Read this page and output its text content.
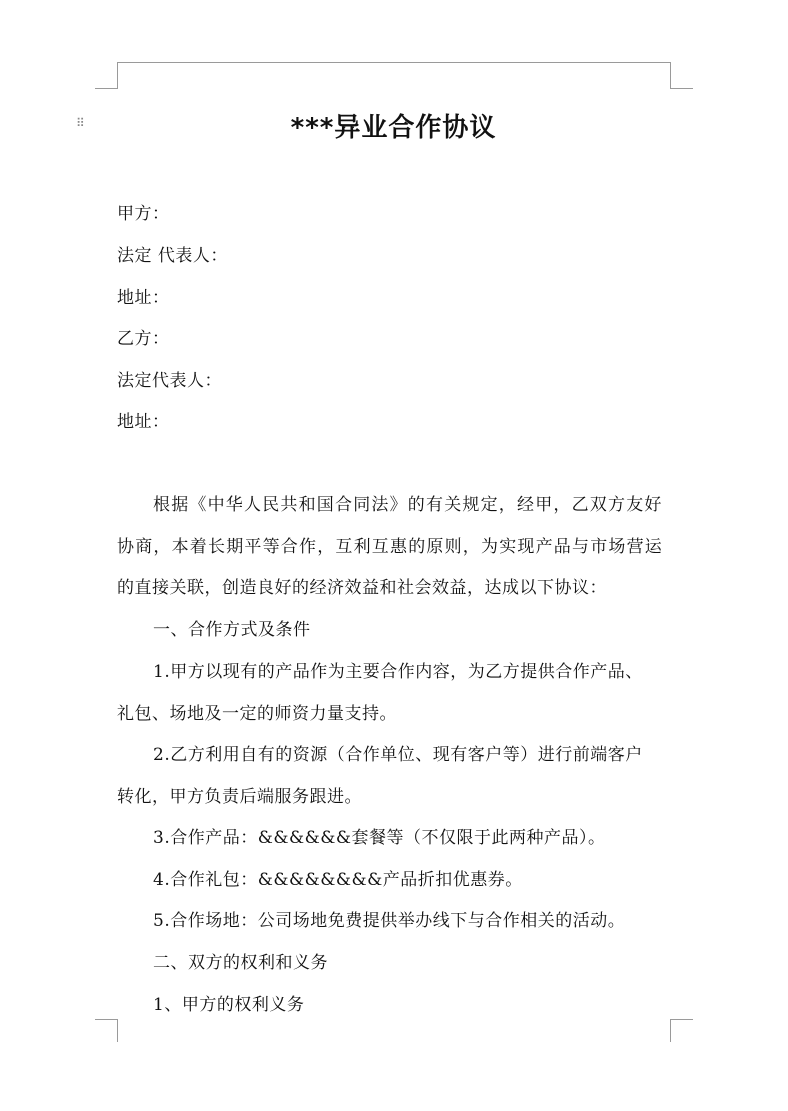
⠿	***异业合作协议
甲方：
法定 代表人：
地址：
乙方：
法定代表人：
地址：
根据《中华人民共和国合同法》的有关规定，经甲，乙双方友好
协商，本着长期平等合作，互利互惠的原则，为实现产品与市场营运
的直接关联，创造良好的经济效益和社会效益，达成以下协议：
一、合作方式及条件
1.甲方以现有的产品作为主要合作内容，为乙方提供合作产品、
礼包、场地及一定的师资力量支持。
2.乙方利用自有的资源（合作单位、现有客户等）进行前端客户
转化，甲方负责后端服务跟进。
3.合作产品：&&&&&&套餐等（不仅限于此两种产品）。
4.合作礼包：&&&&&&&&产品折扣优惠券。
5.合作场地：公司场地免费提供举办线下与合作相关的活动。
二、双方的权利和义务
1、甲方的权利义务
